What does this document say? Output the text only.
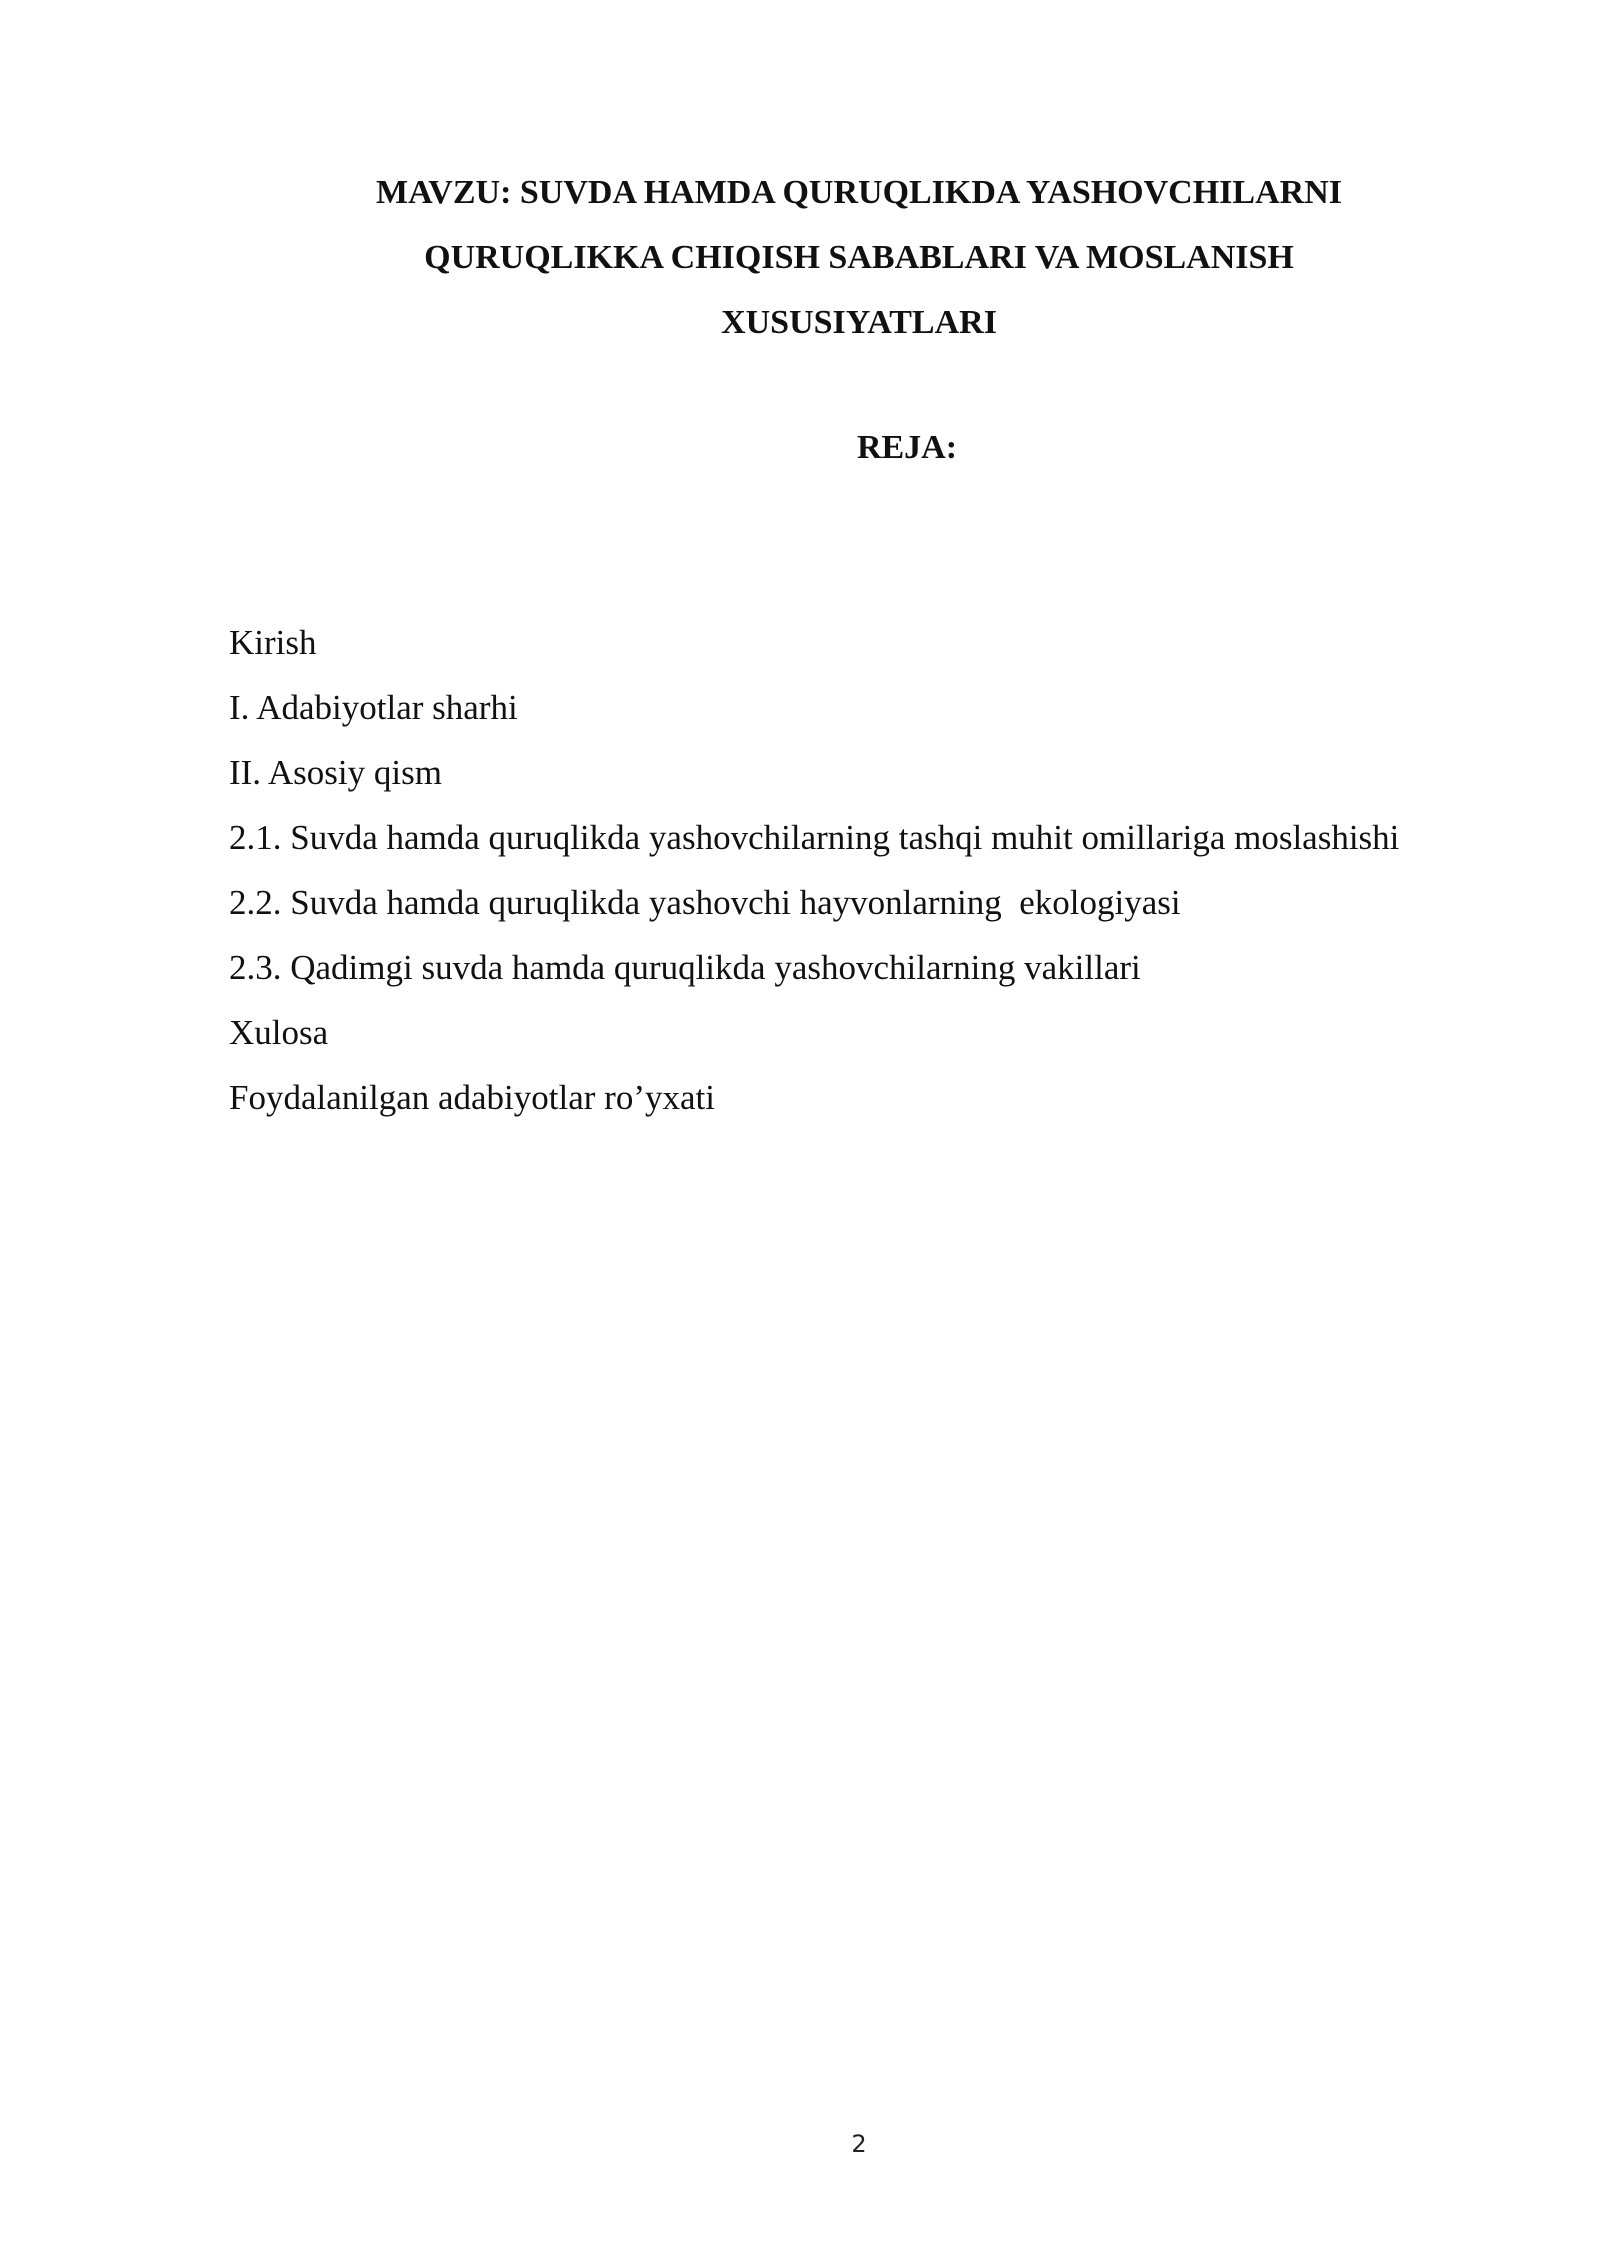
MAVZU: SUVDA HAMDA QURUQLIKDA YASHOVCHILARNI
QURUQLIKKA CHIQISH SABABLARI VA MOSLANISH
XUSUSIYATLARI
REJA:
Kirish
I. Adabiyotlar sharhi
II. Asosiy qism
2.1. Suvda hamda quruqlikda yashovchilarning tashqi muhit omillariga moslashishi
2.2. Suvda hamda quruqlikda yashovchi hayvonlarning  ekologiyasi
2.3. Qadimgi suvda hamda quruqlikda yashovchilarning vakillari
Xulosa
Foydalanilgan adabiyotlar ro’yxati
2
